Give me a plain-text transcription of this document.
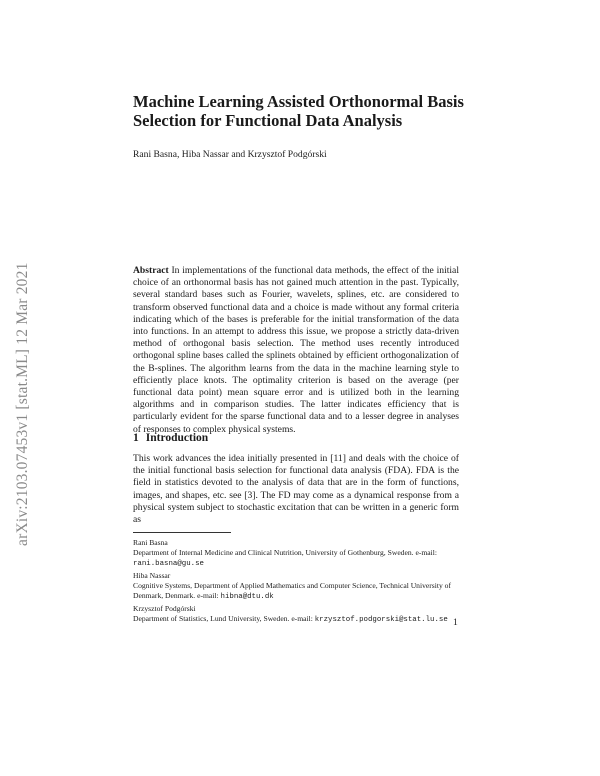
arXiv:2103.07453v1 [stat.ML] 12 Mar 2021
Machine Learning Assisted Orthonormal Basis Selection for Functional Data Analysis
Rani Basna, Hiba Nassar and Krzysztof Podgórski

Abstract In implementations of the functional data methods, the effect of the initial choice of an orthonormal basis has not gained much attention in the past. Typically, several standard bases such as Fourier, wavelets, splines, etc. are considered to transform observed functional data and a choice is made without any formal criteria indicating which of the bases is preferable for the initial transformation of the data into functions. In an attempt to address this issue, we propose a strictly data-driven method of orthogonal basis selection. The method uses recently introduced orthogonal spline bases called the splinets obtained by efficient orthogonalization of the B-splines. The algorithm learns from the data in the machine learning style to efficiently place knots. The optimality criterion is based on the average (per functional data point) mean square error and is utilized both in the learning algorithms and in comparison studies. The latter indicates efficiency that is particularly evident for the sparse functional data and to a lesser degree in analyses of responses to complex physical systems.

1 Introduction

This work advances the idea initially presented in [11] and deals with the choice of the initial functional basis selection for functional data analysis (FDA). FDA is the field in statistics devoted to the analysis of data that are in the form of functions, images, and shapes, etc. see [3]. The FD may come as a dynamical response from a physical system subject to stochastic excitation that can be written in a generic form as

Rani Basna
Department of Internal Medicine and Clinical Nutrition, University of Gothenburg, Sweden. e-mail: rani.basna@gu.se
Hiba Nassar
Cognitive Systems, Department of Applied Mathematics and Computer Science, Technical University of Denmark, Denmark. e-mail: hibna@dtu.dk
Krzysztof Podgórski
Department of Statistics, Lund University, Sweden. e-mail: krzysztof.podgorski@stat.lu.se 1
